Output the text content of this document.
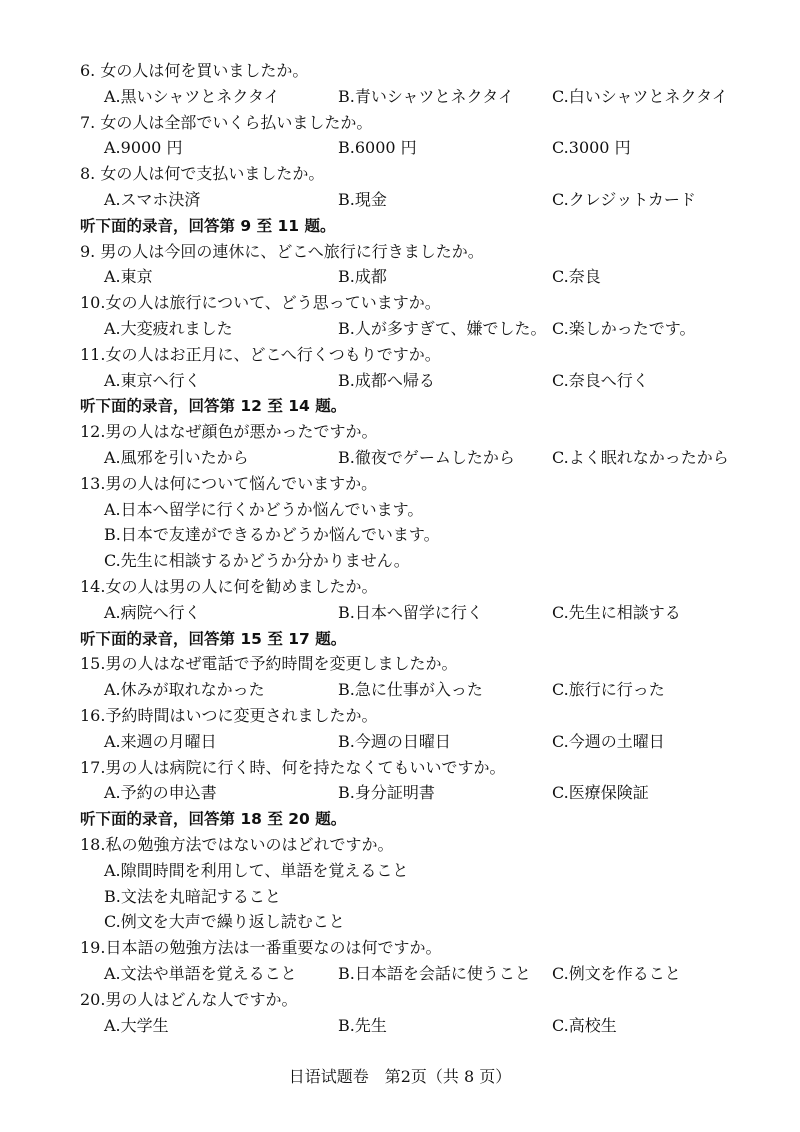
6. 女の人は何を買いましたか。
A.黒いシャツとネクタイ	B.青いシャツとネクタイ C.白いシャツとネクタイ
7. 女の人は全部でいくら払いましたか。
A.9000 円	B.6000 円	C.3000 円
8. 女の人は何で支払いましたか。
A.スマホ決済	B.現金	C.クレジットカード
听下面的录音，回答第 9 至 11 题。
9. 男の人は今回の連休に、どこへ旅行に行きましたか。
A.東京	B.成都	C.奈良
10.女の人は旅行について、どう思っていますか。
A.大変疲れました	B.人が多すぎて、嫌でした。 C.楽しかったです。
11.女の人はお正月に、どこへ行くつもりですか。
A.東京へ行く	B.成都へ帰る	C.奈良へ行く
听下面的录音，回答第 12 至 14 题。
12.男の人はなぜ顔色が悪かったですか。
A.風邪を引いたから	B.徹夜でゲームしたから C.よく眠れなかったから
13.男の人は何について悩んでいますか。
A.日本へ留学に行くかどうか悩んでいます。
B.日本で友達ができるかどうか悩んでいます。
C.先生に相談するかどうか分かりません。
14.女の人は男の人に何を勧めましたか。
A.病院へ行く	B.日本へ留学に行く	C.先生に相談する
听下面的录音，回答第 15 至 17 题。
15.男の人はなぜ電話で予約時間を変更しましたか。
A.休みが取れなかった	B.急に仕事が入った	C.旅行に行った
16.予約時間はいつに変更されましたか。
A.来週の月曜日	B.今週の日曜日	C.今週の土曜日
17.男の人は病院に行く時、何を持たなくてもいいですか。
A.予約の申込書	B.身分証明書	C.医療保険証
听下面的录音，回答第 18 至 20 题。
18.私の勉強方法ではないのはどれですか。
A.隙間時間を利用して、単語を覚えること
B.文法を丸暗記すること
C.例文を大声で繰り返し読むこと
19.日本語の勉強方法は一番重要なのは何ですか。
A.文法や単語を覚えること	B.日本語を会話に使うこと C.例文を作ること
20.男の人はどんな人ですか。
A.大学生	B.先生	C.高校生
日语试题卷　第2页（共 8 页）
